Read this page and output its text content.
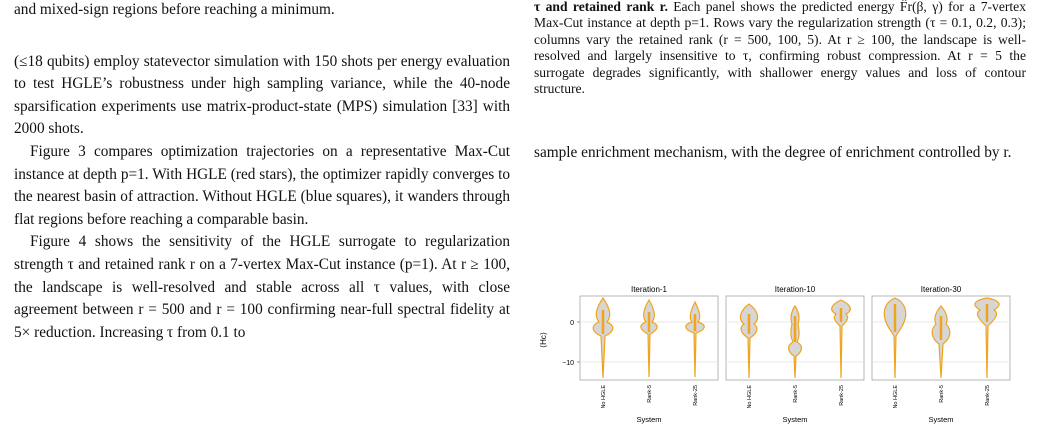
and mixed-sign regions before reaching a minimum.

(≤18 qubits) employ statevector simulation with 150 shots per energy evaluation to test HGLE’s robustness under high sampling variance, while the 40-node sparsification experiments use matrix-product-state (MPS) simulation [33] with 2000 shots.

Figure 3 compares optimization trajectories on a representative Max-Cut instance at depth p=1. With HGLE (red stars), the optimizer rapidly converges to the nearest basin of attraction. Without HGLE (blue squares), it wanders through flat regions before reaching a comparable basin.

Figure 4 shows the sensitivity of the HGLE surrogate to regularization strength τ and retained rank r on a 7-vertex Max-Cut instance (p=1). At r ≥ 100, the landscape is well-resolved and stable across all τ values, with close agreement between r = 500 and r = 100 confirming near-full spectral fidelity at 5× reduction. Increasing τ from 0.1 to

τ and retained rank r. Each panel shows the predicted energy F̂r(β, γ) for a 7-vertex Max-Cut instance at depth p=1. Rows vary the regularization strength (τ = 0.1, 0.2, 0.3); columns vary the retained rank (r = 500, 100, 5). At r ≥ 100, the landscape is well-resolved and largely insensitive to τ, confirming robust compression. At r = 5 the surrogate degrades significantly, with shallower energy values and loss of contour structure.

sample enrichment mechanism, with the degree of enrichment controlled by r.

⟨Hc⟩
Iteration-1
No HGLE	Rank-5	Rank-25
System
0
−10
Iteration-10
No HGLE	Rank-5	Rank-25
System
Iteration-30
No HGLE	Rank-5	Rank-25
System
